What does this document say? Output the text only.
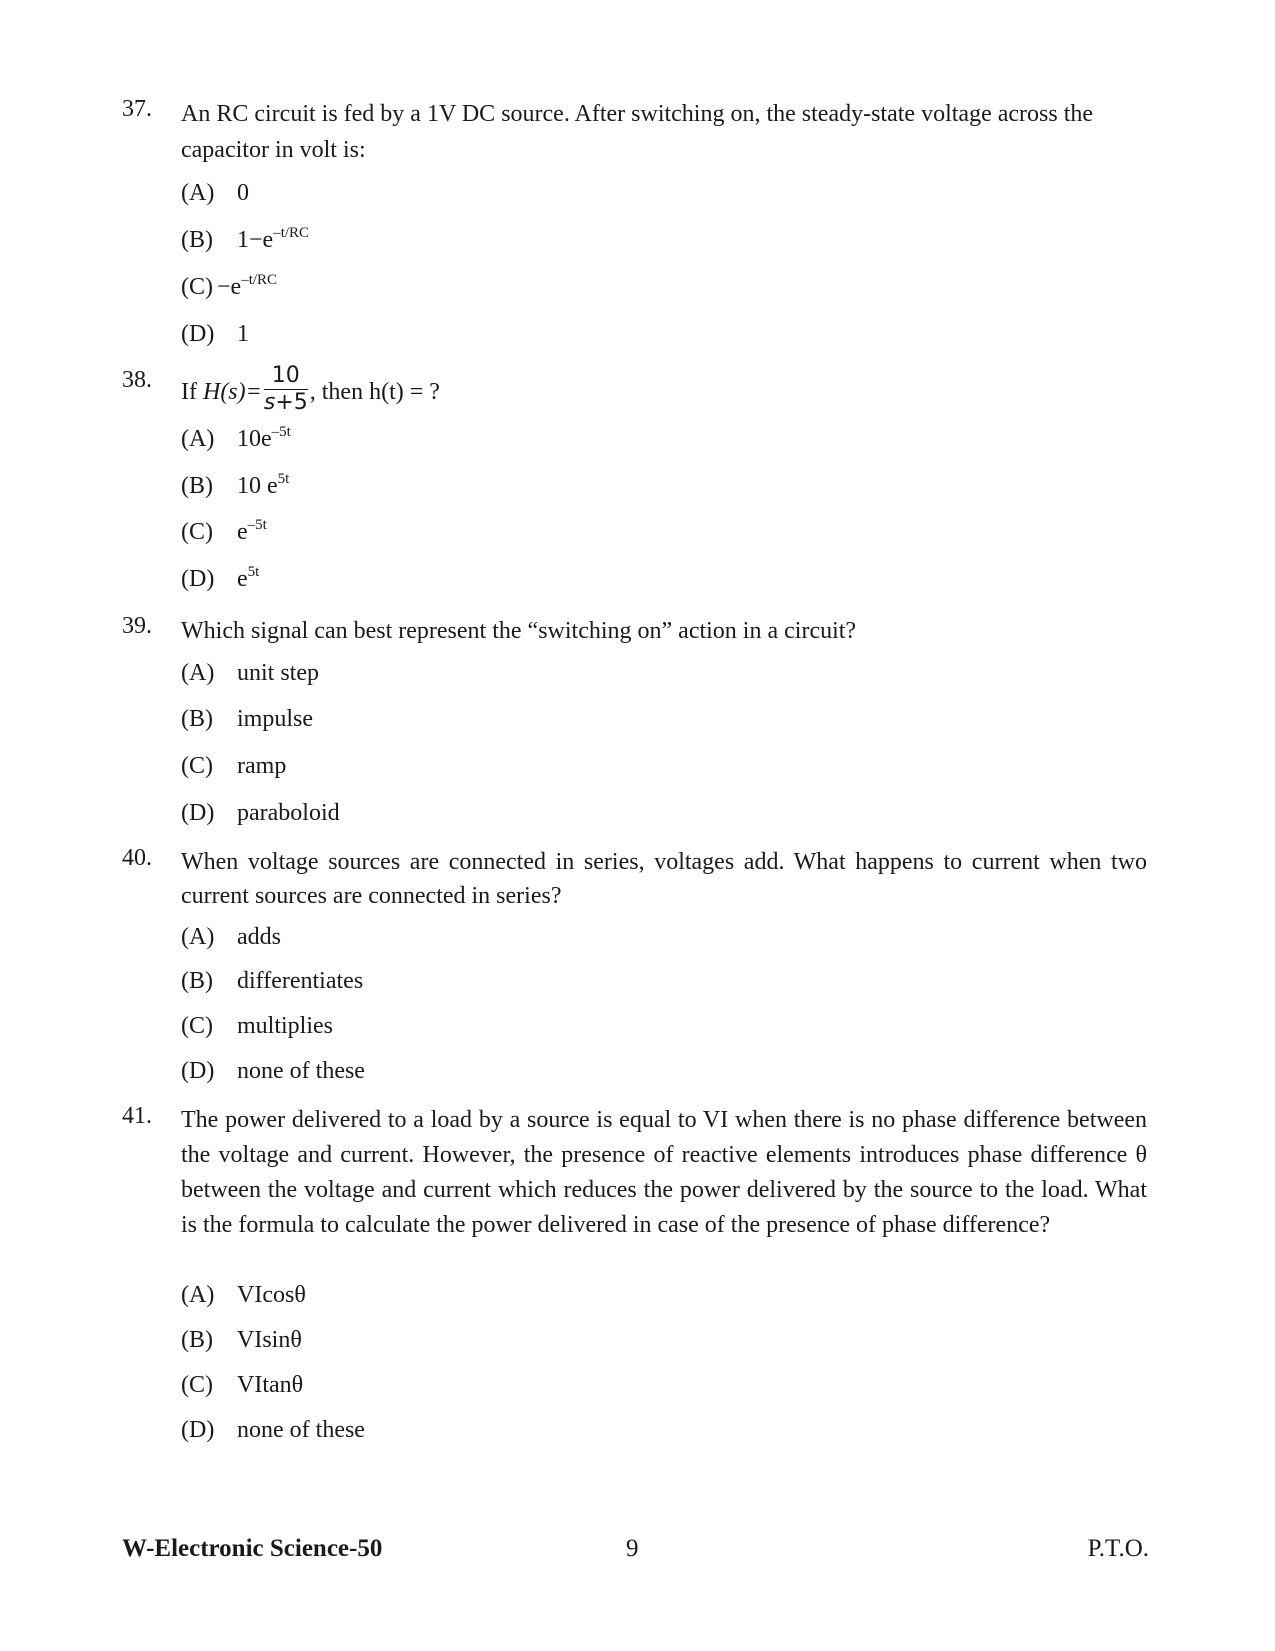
37.	An RC circuit is fed by a 1V DC source. After switching on, the steady-state voltage across the capacitor in volt is:
(A) 0
(B) $1-e^{-t/RC}$
$(C) -e^{-t/RC}$
(D) 1
38.	If $H(s)= \frac{10}{s+5}$ , then h(t) = ?
(A) $10e^{-5t}$
(B) 10 $e^{5t}$
(C) $e^{-5t}$
(D) $e^{5t}$
39.	Which signal can best represent the “switching on” action in a circuit?
(A) unit step
(B) impulse
(C) ramp
(D) paraboloid
40.	When voltage sources are connected in series, voltages add. What happens to current when two current sources are connected in series?
(A) adds
(B) differentiates
(C) multiplies
(D) none of these
41.	The power delivered to a load by a source is equal to VI when there is no phase difference between the voltage and current. However, the presence of reactive elements introduces phase difference θ between the voltage and current which reduces the power delivered by the source to the load. What is the formula to calculate the power delivered in case of the presence of phase difference?
(A) VIcosθ
(B) VIsinθ
(C) VItanθ
(D) none of these
W-Electronic Science-50	9	P.T.O.
